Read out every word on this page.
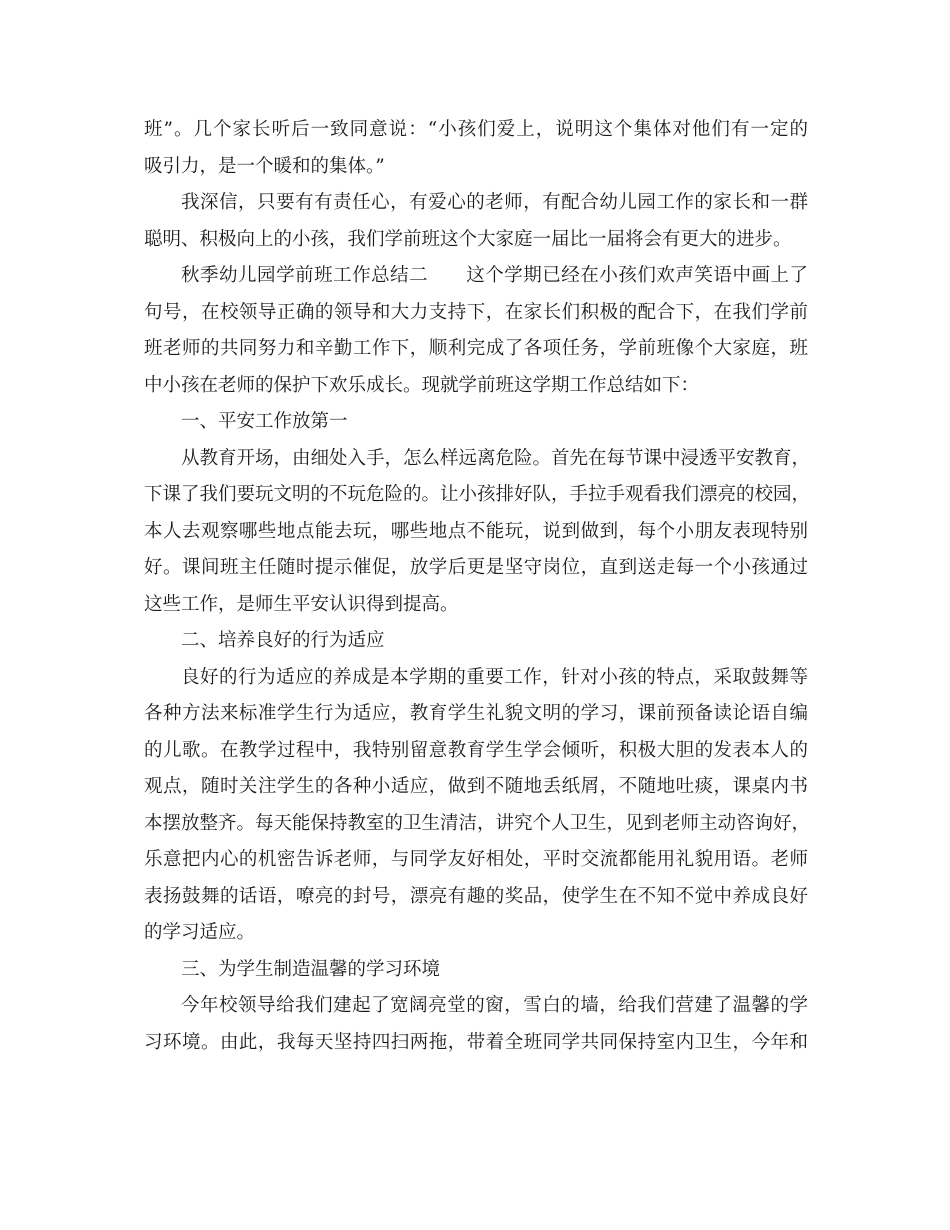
班”。几个家长听后一致同意说：“小孩们爱上，说明这个集体对他们有一定的
吸引力，是一个暖和的集体。”
我深信，只要有有责任心，有爱心的老师，有配合幼儿园工作的家长和一群
聪明、积极向上的小孩，我们学前班这个大家庭一届比一届将会有更大的进步。
秋季幼儿园学前班工作总结二　　这个学期已经在小孩们欢声笑语中画上了
句号，在校领导正确的领导和大力支持下，在家长们积极的配合下，在我们学前
班老师的共同努力和辛勤工作下，顺利完成了各项任务，学前班像个大家庭，班
中小孩在老师的保护下欢乐成长。现就学前班这学期工作总结如下：
一、平安工作放第一
从教育开场，由细处入手，怎么样远离危险。首先在每节课中浸透平安教育，
下课了我们要玩文明的不玩危险的。让小孩排好队，手拉手观看我们漂亮的校园，
本人去观察哪些地点能去玩，哪些地点不能玩，说到做到，每个小朋友表现特别
好。课间班主任随时提示催促，放学后更是坚守岗位，直到送走每一个小孩通过
这些工作，是师生平安认识得到提高。
二、培养良好的行为适应
良好的行为适应的养成是本学期的重要工作，针对小孩的特点，采取鼓舞等
各种方法来标准学生行为适应，教育学生礼貌文明的学习，课前预备读论语自编
的儿歌。在教学过程中，我特别留意教育学生学会倾听，积极大胆的发表本人的
观点，随时关注学生的各种小适应，做到不随地丢纸屑，不随地吐痰，课桌内书
本摆放整齐。每天能保持教室的卫生清洁，讲究个人卫生，见到老师主动咨询好，
乐意把内心的机密告诉老师，与同学友好相处，平时交流都能用礼貌用语。老师
表扬鼓舞的话语，嘹亮的封号，漂亮有趣的奖品，使学生在不知不觉中养成良好
的学习适应。
三、为学生制造温馨的学习环境
今年校领导给我们建起了宽阔亮堂的窗，雪白的墙，给我们营建了温馨的学
习环境。由此，我每天坚持四扫两拖，带着全班同学共同保持室内卫生，今年和
